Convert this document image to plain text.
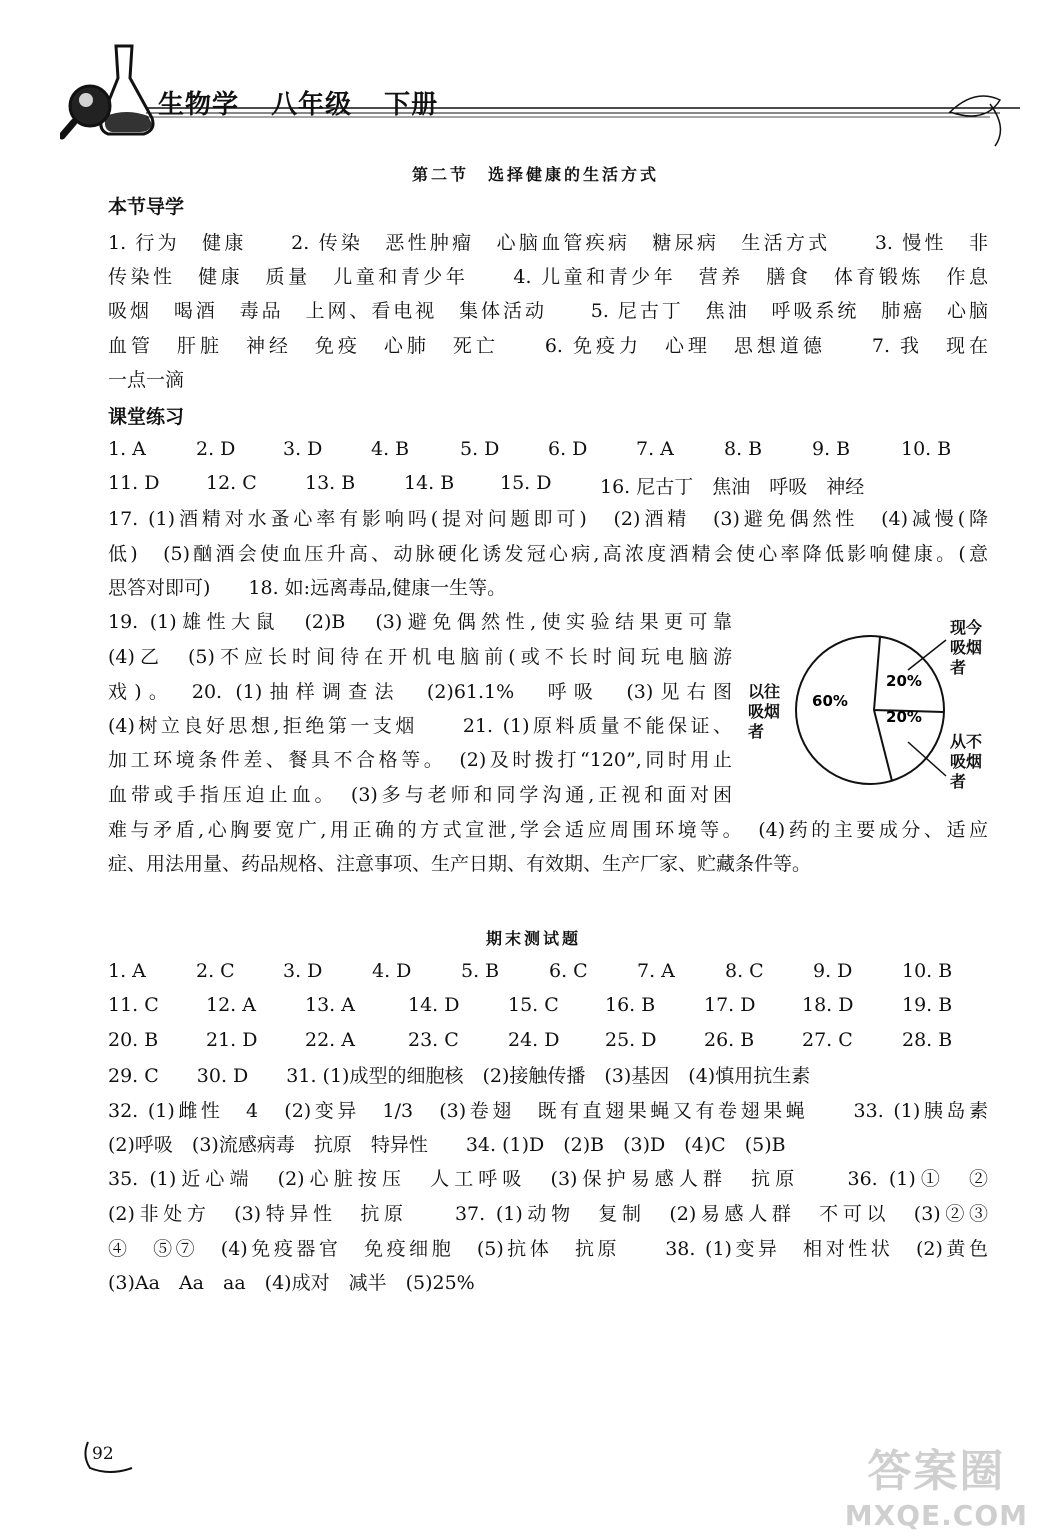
生物学 八年级 下册
第二节　选择健康的生活方式
本节导学
1. 行为　健康　　2. 传染　恶性肿瘤　心脑血管疾病　糖尿病　生活方式　　3. 慢性　非
传染性　健康　质量　儿童和青少年　　4. 儿童和青少年　营养　膳食　体育锻炼　作息
吸烟　喝酒　毒品　上网、看电视　集体活动　　5. 尼古丁　焦油　呼吸系统　肺癌　心脑
血管　肝脏　神经　免疫　心肺　死亡　　6. 免疫力　心理　思想道德　　7. 我　现在
一点一滴
课堂练习
1. A	2. D	3. D	4. B	5. D	6. D	7. A	8. B	9. B	10. B
11. D 12. C	13. B	14. B 15. D	16. 尼古丁　焦油　呼吸　神经
17. (1)酒精对水蚤心率有影响吗(提对问题即可)　(2)酒精　(3)避免偶然性　(4)减慢(降
低)　(5)酗酒会使血压升高、动脉硬化诱发冠心病,高浓度酒精会使心率降低影响健康。(意
思答对即可)　　18. 如:远离毒品,健康一生等。
19. (1)雄性大鼠　(2)B　(3)避免偶然性,使实验结果更可靠
(4)乙　(5)不应长时间待在开机电脑前(或不长时间玩电脑游
戏)。　20. (1)抽样调查法　(2)61.1%　呼吸　(3)见右图
(4)树立良好思想,拒绝第一支烟　　21. (1)原料质量不能保证、
加工环境条件差、餐具不合格等。　(2)及时拨打“120”,同时用止
血带或手指压迫止血。　(3)多与老师和同学沟通,正视和面对困
难与矛盾,心胸要宽广,用正确的方式宣泄,学会适应周围环境等。　(4)药的主要成分、适应
症、用法用量、药品规格、注意事项、生产日期、有效期、生产厂家、贮藏条件等。
60%
20%
20%
现今
吸烟
者
以往
吸烟
者
从不
吸烟
者
期末测试题
1. A	2. C	3. D	4. D	5. B	6. C	7. A	8. C	9. D	10. B
11. C 12. A	13. A	14. D	15. C 16. B	17. D 18. D	19. B
20. B	21. D	22. A	23. C	24. D 25. D	26. B	27. C	28. B
29. C　　30. D　　31. (1)成型的细胞核　(2)接触传播　(3)基因　(4)慎用抗生素
32. (1)雌性　4　(2)变异　1/3　(3)卷翅　既有直翅果蝇又有卷翅果蝇　　33. (1)胰岛素
(2)呼吸　(3)流感病毒　抗原　特异性　　34. (1)D　(2)B　(3)D　(4)C　(5)B
35. (1)近心端　(2)心脏按压　人工呼吸　(3)保护易感人群　抗原　　36. (1)①　②
(2)非处方　(3)特异性　抗原　　37. (1)动物　复制　(2)易感人群　不可以　(3)②③
④　⑤⑦　(4)免疫器官　免疫细胞　(5)抗体　抗原　　38. (1)变异　相对性状　(2)黄色
(3)Aa　Aa　aa　(4)成对　减半　(5)25%
92	答案圈
MXQE.COM
